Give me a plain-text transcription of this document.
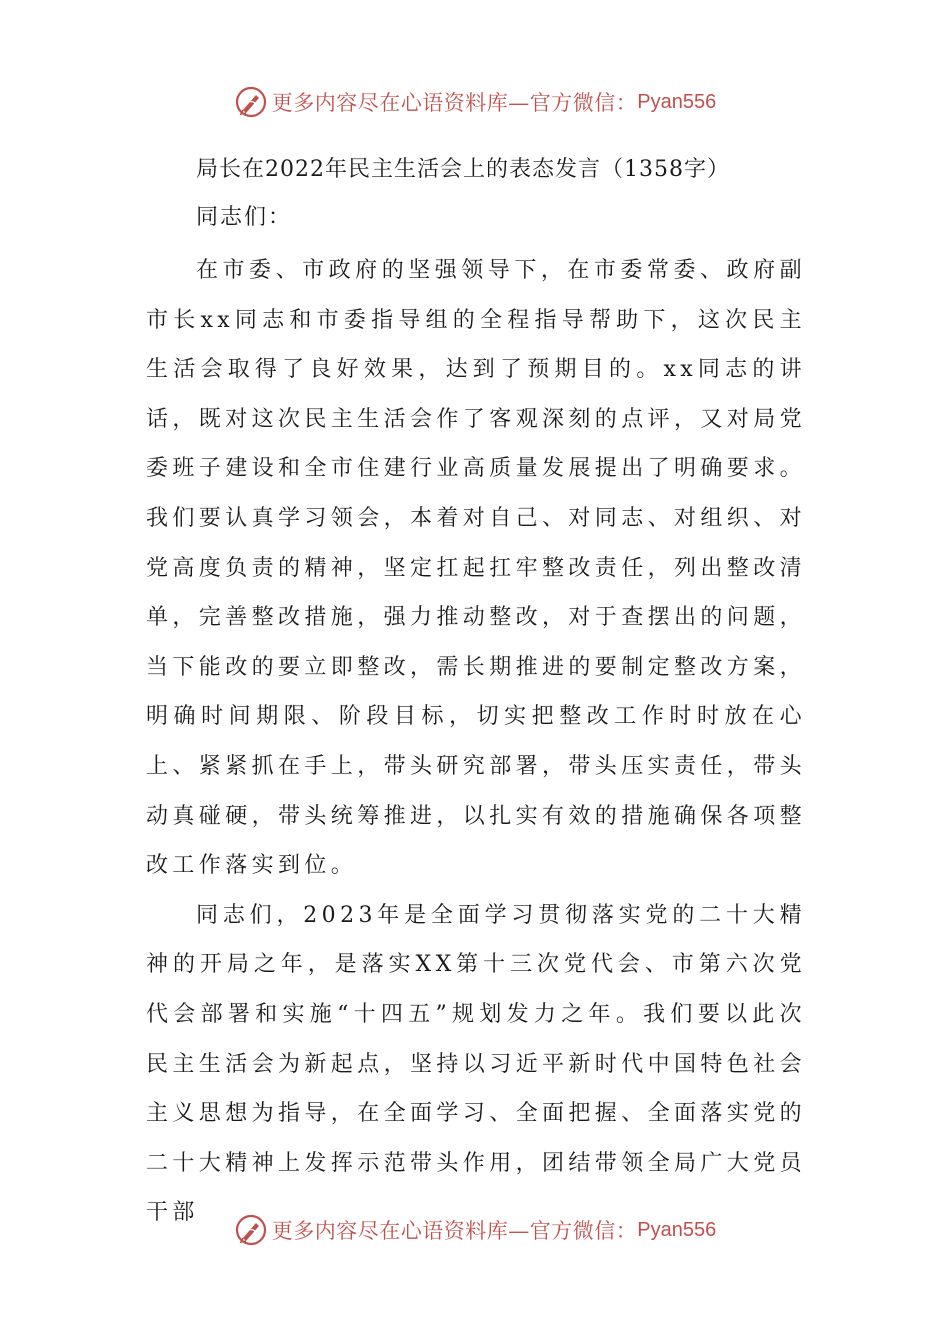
更多内容尽在心语资料库—官方微信： Pyan556
局长在2022年民主生活会上的表态发言（1358字）
同志们：

在市委、市政府的坚强领导下，在市委常委、政府副市长xx同志和市委指导组的全程指导帮助下，这次民主生活会取得了良好效果，达到了预期目的。xx同志的讲话，既对这次民主生活会作了客观深刻的点评，又对局党委班子建设和全市住建行业高质量发展提出了明确要求。我们要认真学习领会，本着对自己、对同志、对组织、对党高度负责的精神，坚定扛起扛牢整改责任，列出整改清单，完善整改措施，强力推动整改，对于查摆出的问题，当下能改的要立即整改，需长期推进的要制定整改方案，明确时间期限、阶段目标，切实把整改工作时时放在心上、紧紧抓在手上，带头研究部署，带头压实责任，带头动真碰硬，带头统筹推进，以扎实有效的措施确保各项整改工作落实到位。

同志们，2023年是全面学习贯彻落实党的二十大精神的开局之年，是落实XX第十三次党代会、市第六次党代会部署和实施“十四五”规划发力之年。我们要以此次民主生活会为新起点，坚持以习近平新时代中国特色社会主义思想为指导，在全面学习、全面把握、全面落实党的二十大精神上发挥示范带头作用，团结带领全局广大党员干部

更多内容尽在心语资料库—官方微信： Pyan556
